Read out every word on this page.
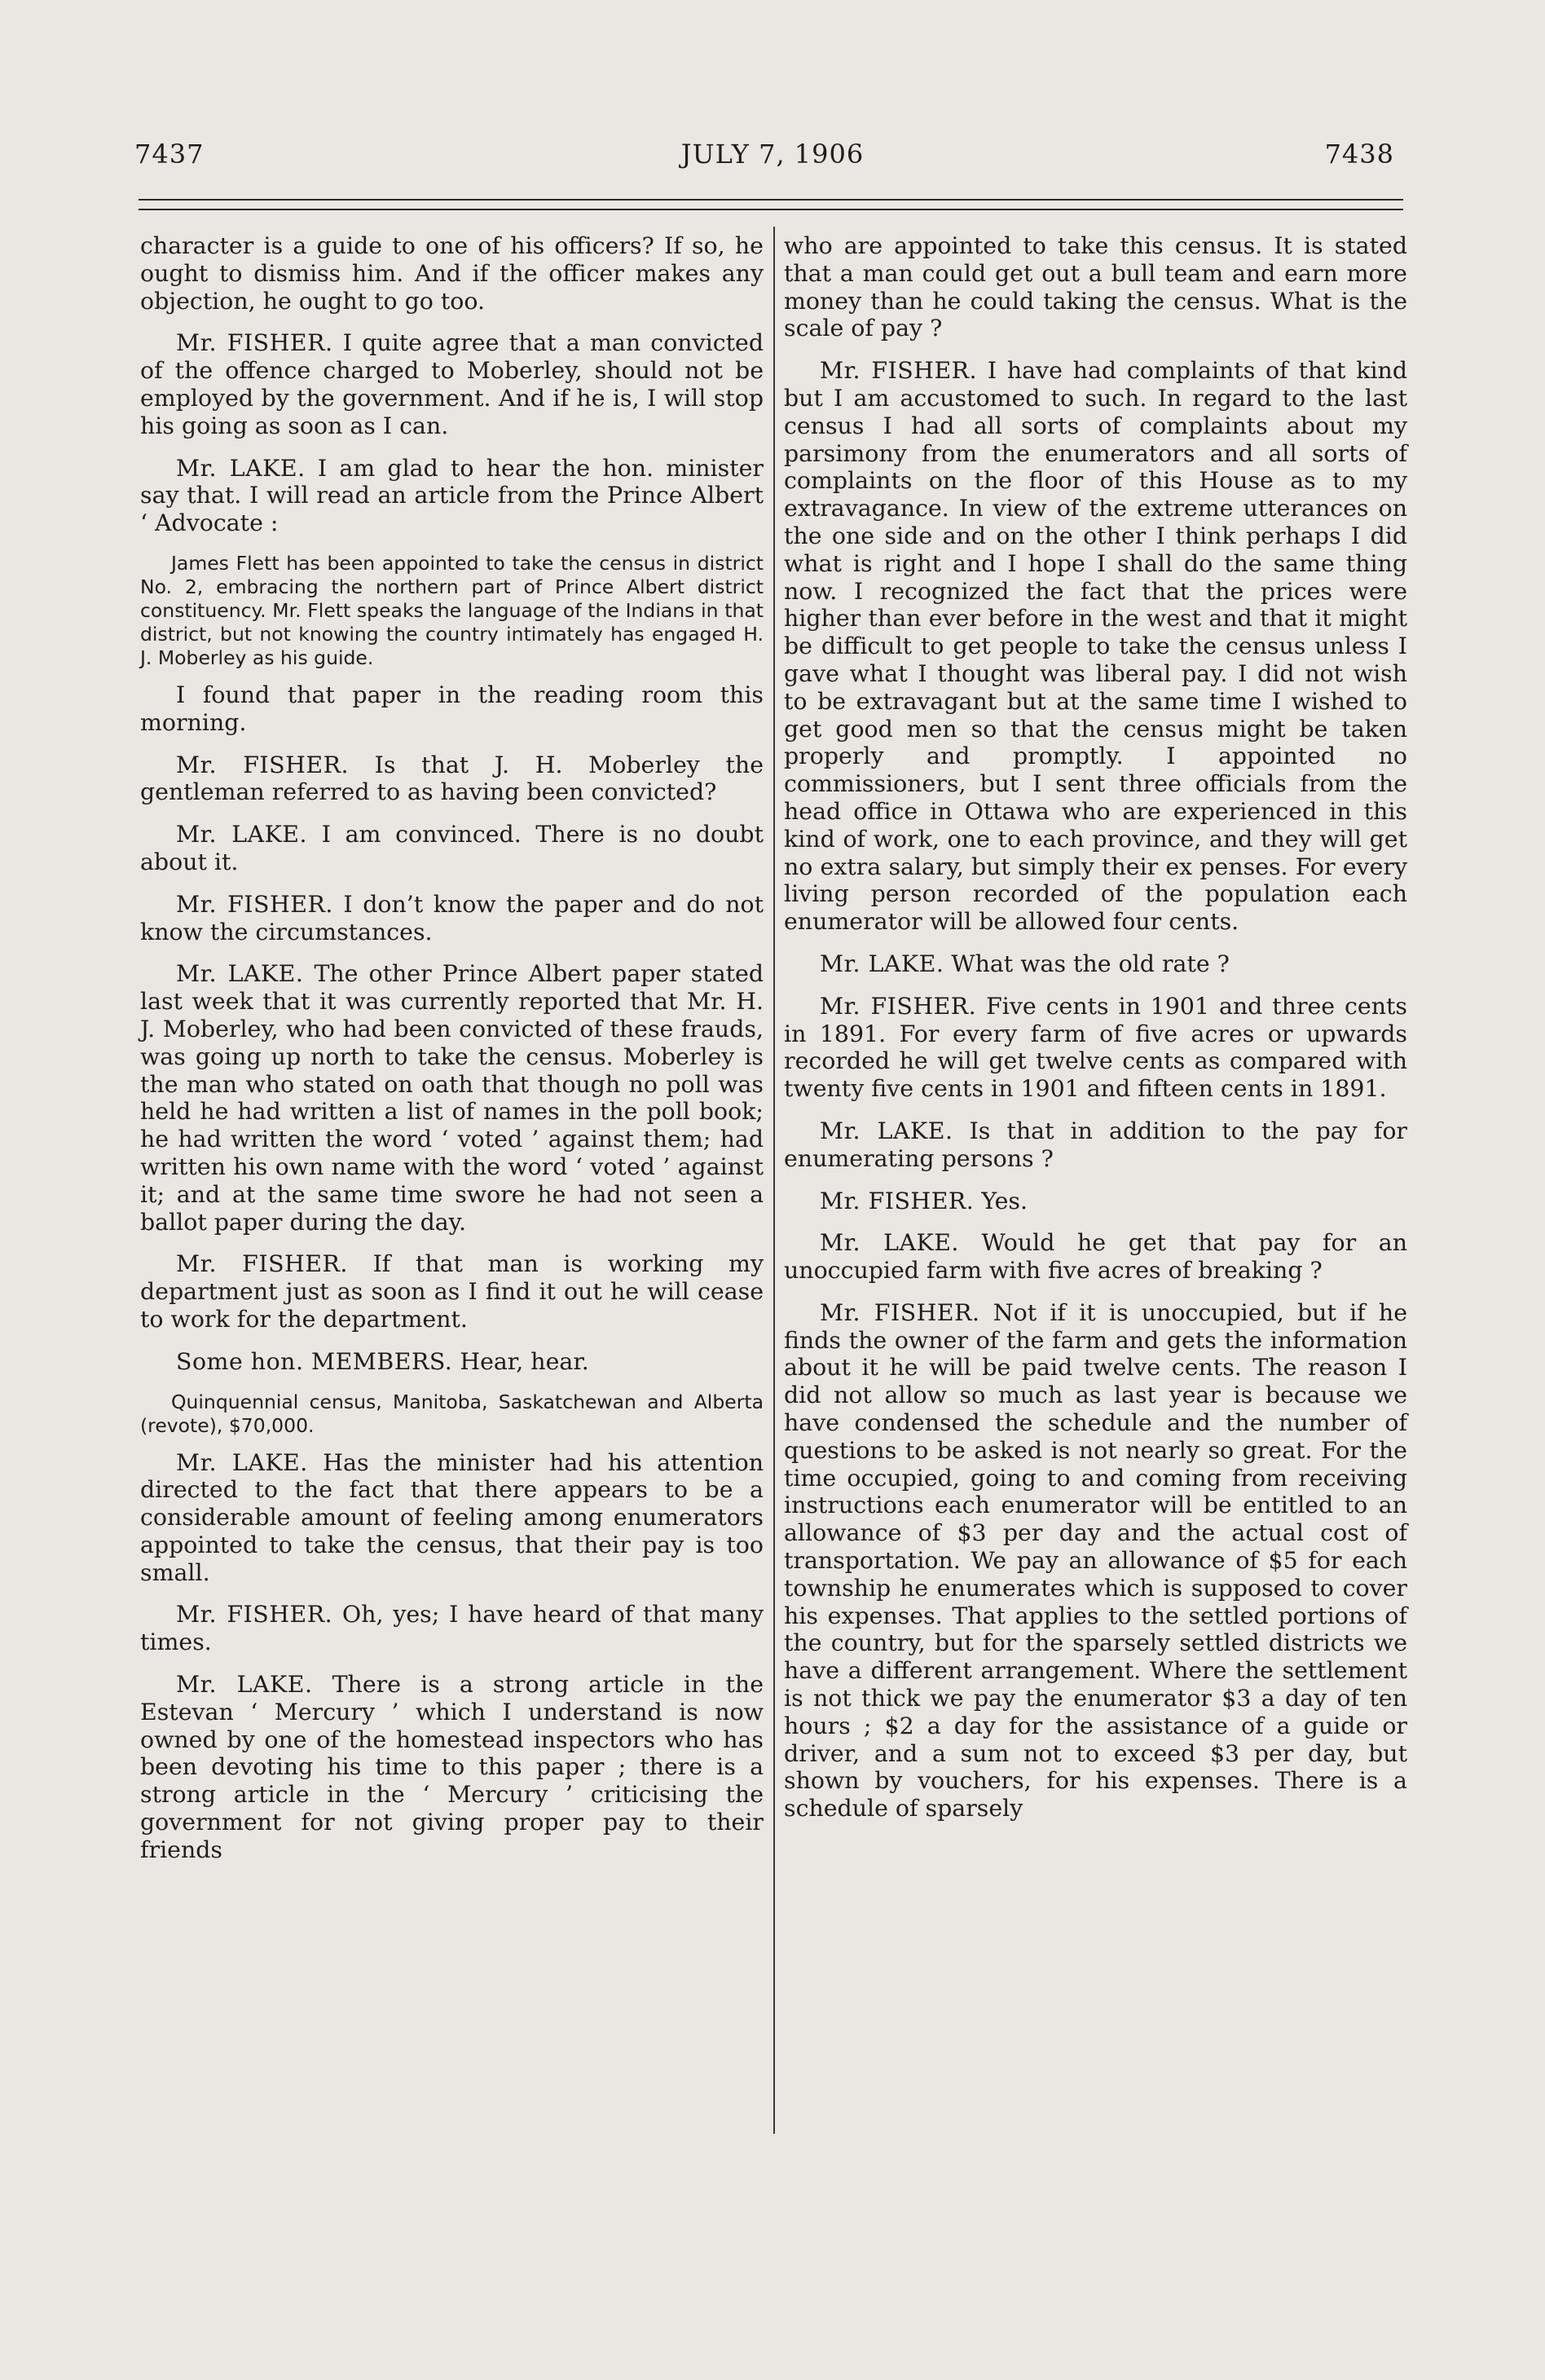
7437	JULY 7, 1906	7438

character is a guide to one of his officers? If so, he ought to dismiss him. And if the officer makes any objection, he ought to go too.

Mr. FISHER. I quite agree that a man convicted of the offence charged to Moberley, should not be employed by the government. And if he is, I will stop his going as soon as I can.

Mr. LAKE. I am glad to hear the hon. minister say that. I will read an article from the Prince Albert ‘ Advocate :

James Flett has been appointed to take the census in district No. 2, embracing the northern part of Prince Albert district constituency. Mr. Flett speaks the language of the Indians in that district, but not knowing the country intimately has engaged H. J. Moberley as his guide.

I found that paper in the reading room this morning.

Mr. FISHER. Is that J. H. Moberley the gentleman referred to as having been convicted?

Mr. LAKE. I am convinced. There is no doubt about it.

Mr. FISHER. I don’t know the paper and do not know the circumstances.

Mr. LAKE. The other Prince Albert paper stated last week that it was currently reported that Mr. H. J. Moberley, who had been convicted of these frauds, was going up north to take the census. Moberley is the man who stated on oath that though no poll was held he had written a list of names in the poll book; he had written the word ‘ voted ’ against them; had written his own name with the word ‘ voted ’ against it; and at the same time swore he had not seen a ballot paper during the day.

Mr. FISHER. If that man is working my department just as soon as I find it out he will cease to work for the department.

Some hon. MEMBERS. Hear, hear.

Quinquennial census, Manitoba, Saskatchewan and Alberta (revote), $70,000.

Mr. LAKE. Has the minister had his attention directed to the fact that there appears to be a considerable amount of feeling among enumerators appointed to take the census, that their pay is too small.

Mr. FISHER. Oh, yes; I have heard of that many times.

Mr. LAKE. There is a strong article in the Estevan ‘ Mercury ’ which I understand is now owned by one of the homestead inspectors who has been devoting his time to this paper ; there is a strong article in the ‘ Mercury ’ criticising the government for not giving proper pay to their friends

who are appointed to take this census. It is stated that a man could get out a bull team and earn more money than he could taking the census. What is the scale of pay ?

Mr. FISHER. I have had complaints of that kind but I am accustomed to such. In regard to the last census I had all sorts of complaints about my parsimony from the enumerators and all sorts of complaints on the floor of this House as to my extravagance. In view of the extreme utterances on the one side and on the other I think perhaps I did what is right and I hope I shall do the same thing now. I recognized the fact that the prices were higher than ever before in the west and that it might be difficult to get people to take the census unless I gave what I thought was liberal pay. I did not wish to be extravagant but at the same time I wished to get good men so that the census might be taken properly and promptly. I appointed no commissioners, but I sent three officials from the head office in Ottawa who are experienced in this kind of work, one to each province, and they will get no extra salary, but simply their ex penses. For every living person recorded of the population each enumerator will be allowed four cents.

Mr. LAKE. What was the old rate ?

Mr. FISHER. Five cents in 1901 and three cents in 1891. For every farm of five acres or upwards recorded he will get twelve cents as compared with twenty five cents in 1901 and fifteen cents in 1891.

Mr. LAKE. Is that in addition to the pay for enumerating persons ?

Mr. FISHER. Yes.

Mr. LAKE. Would he get that pay for an unoccupied farm with five acres of breaking ?

Mr. FISHER. Not if it is unoccupied, but if he finds the owner of the farm and gets the information about it he will be paid twelve cents. The reason I did not allow so much as last year is because we have condensed the schedule and the number of questions to be asked is not nearly so great. For the time occupied, going to and coming from receiving instructions each enumerator will be entitled to an allowance of $3 per day and the actual cost of transportation. We pay an allowance of $5 for each township he enumerates which is supposed to cover his expenses. That applies to the settled portions of the country, but for the sparsely settled districts we have a different arrangement. Where the settlement is not thick we pay the enumerator $3 a day of ten hours ; $2 a day for the assistance of a guide or driver, and a sum not to exceed $3 per day, but shown by vouchers, for his expenses. There is a schedule of sparsely
